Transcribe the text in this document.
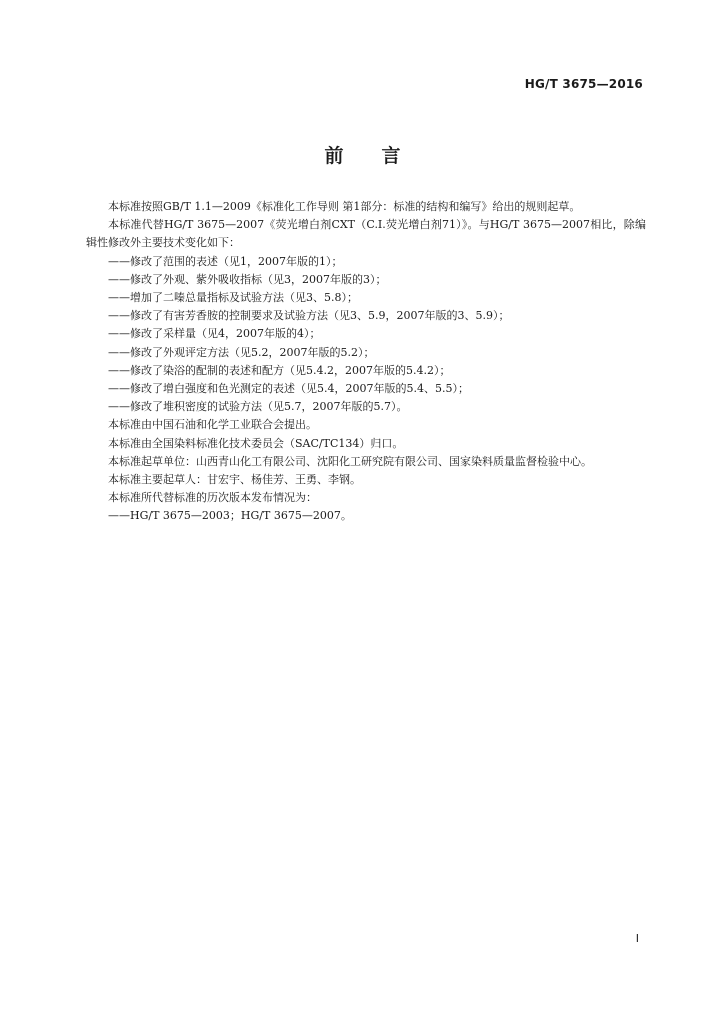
HG/T 3675—2016
前言

本标准按照GB/T 1.1—2009《标准化工作导则 第1部分：标准的结构和编写》给出的规则起草。

本标准代替HG/T 3675—2007《荧光增白剂CXT（C.I.荧光增白剂71）》。与HG/T 3675—2007相比，除编辑性修改外主要技术变化如下：

——修改了范围的表述（见1，2007年版的1）；

——修改了外观、紫外吸收指标（见3，2007年版的3）；

——增加了二嗪总量指标及试验方法（见3、5.8）；

——修改了有害芳香胺的控制要求及试验方法（见3、5.9，2007年版的3、5.9）；

——修改了采样量（见4，2007年版的4）；

——修改了外观评定方法（见5.2，2007年版的5.2）；

——修改了染浴的配制的表述和配方（见5.4.2，2007年版的5.4.2）；

——修改了增白强度和色光测定的表述（见5.4，2007年版的5.4、5.5）；

——修改了堆积密度的试验方法（见5.7，2007年版的5.7）。

本标准由中国石油和化学工业联合会提出。

本标准由全国染料标准化技术委员会（SAC/TC134）归口。

本标准起草单位：山西青山化工有限公司、沈阳化工研究院有限公司、国家染料质量监督检验中心。

本标准主要起草人：甘宏宇、杨佳芳、王勇、李钢。

本标准所代替标准的历次版本发布情况为：

——HG/T 3675—2003；HG/T 3675—2007。

I
